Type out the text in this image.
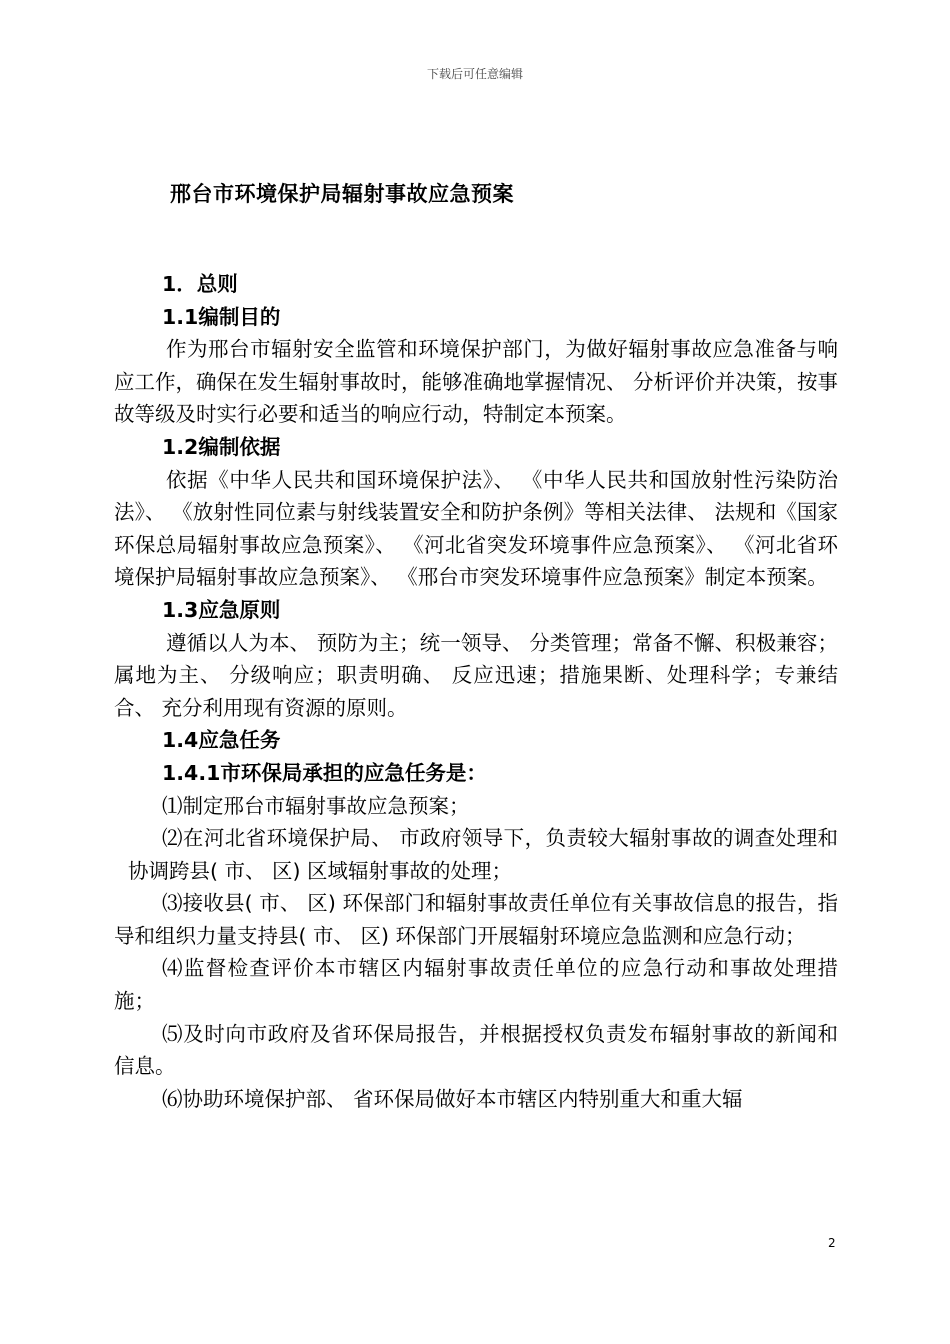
下载后可任意编辑
邢台市环境保护局辐射事故应急预案

1．总则

1.1编制目的

作为邢台市辐射安全监管和环境保护部门，为做好辐射事故应急准备与响应工作，确保在发生辐射事故时，能够准确地掌握情况、 分析评价并决策，按事故等级及时实行必要和适当的响应行动，特制定本预案。

1.2编制依据

依据《中华人民共和国环境保护法》、 《中华人民共和国放射性污染防治法》、 《放射性同位素与射线装置安全和防护条例》等相关法律、 法规和《国家环保总局辐射事故应急预案》、 《河北省突发环境事件应急预案》、 《河北省环境保护局辐射事故应急预案》、 《邢台市突发环境事件应急预案》制定本预案。

1.3应急原则

遵循以人为本、 预防为主；统一领导、 分类管理；常备不懈、积极兼容；属地为主、 分级响应；职责明确、 反应迅速；措施果断、处理科学；专兼结合、 充分利用现有资源的原则。

1.4应急任务

1.4.1市环保局承担的应急任务是：

⑴制定邢台市辐射事故应急预案；

⑵在河北省环境保护局、 市政府领导下，负责较大辐射事故的调查处理和协调跨县( 市、 区) 区域辐射事故的处理；

⑶接收县( 市、 区) 环保部门和辐射事故责任单位有关事故信息的报告，指导和组织力量支持县( 市、 区) 环保部门开展辐射环境应急监测和应急行动；

⑷监督检查评价本市辖区内辐射事故责任单位的应急行动和事故处理措施；

⑸及时向市政府及省环保局报告，并根据授权负责发布辐射事故的新闻和信息。

⑹协助环境保护部、 省环保局做好本市辖区内特别重大和重大辐

2
